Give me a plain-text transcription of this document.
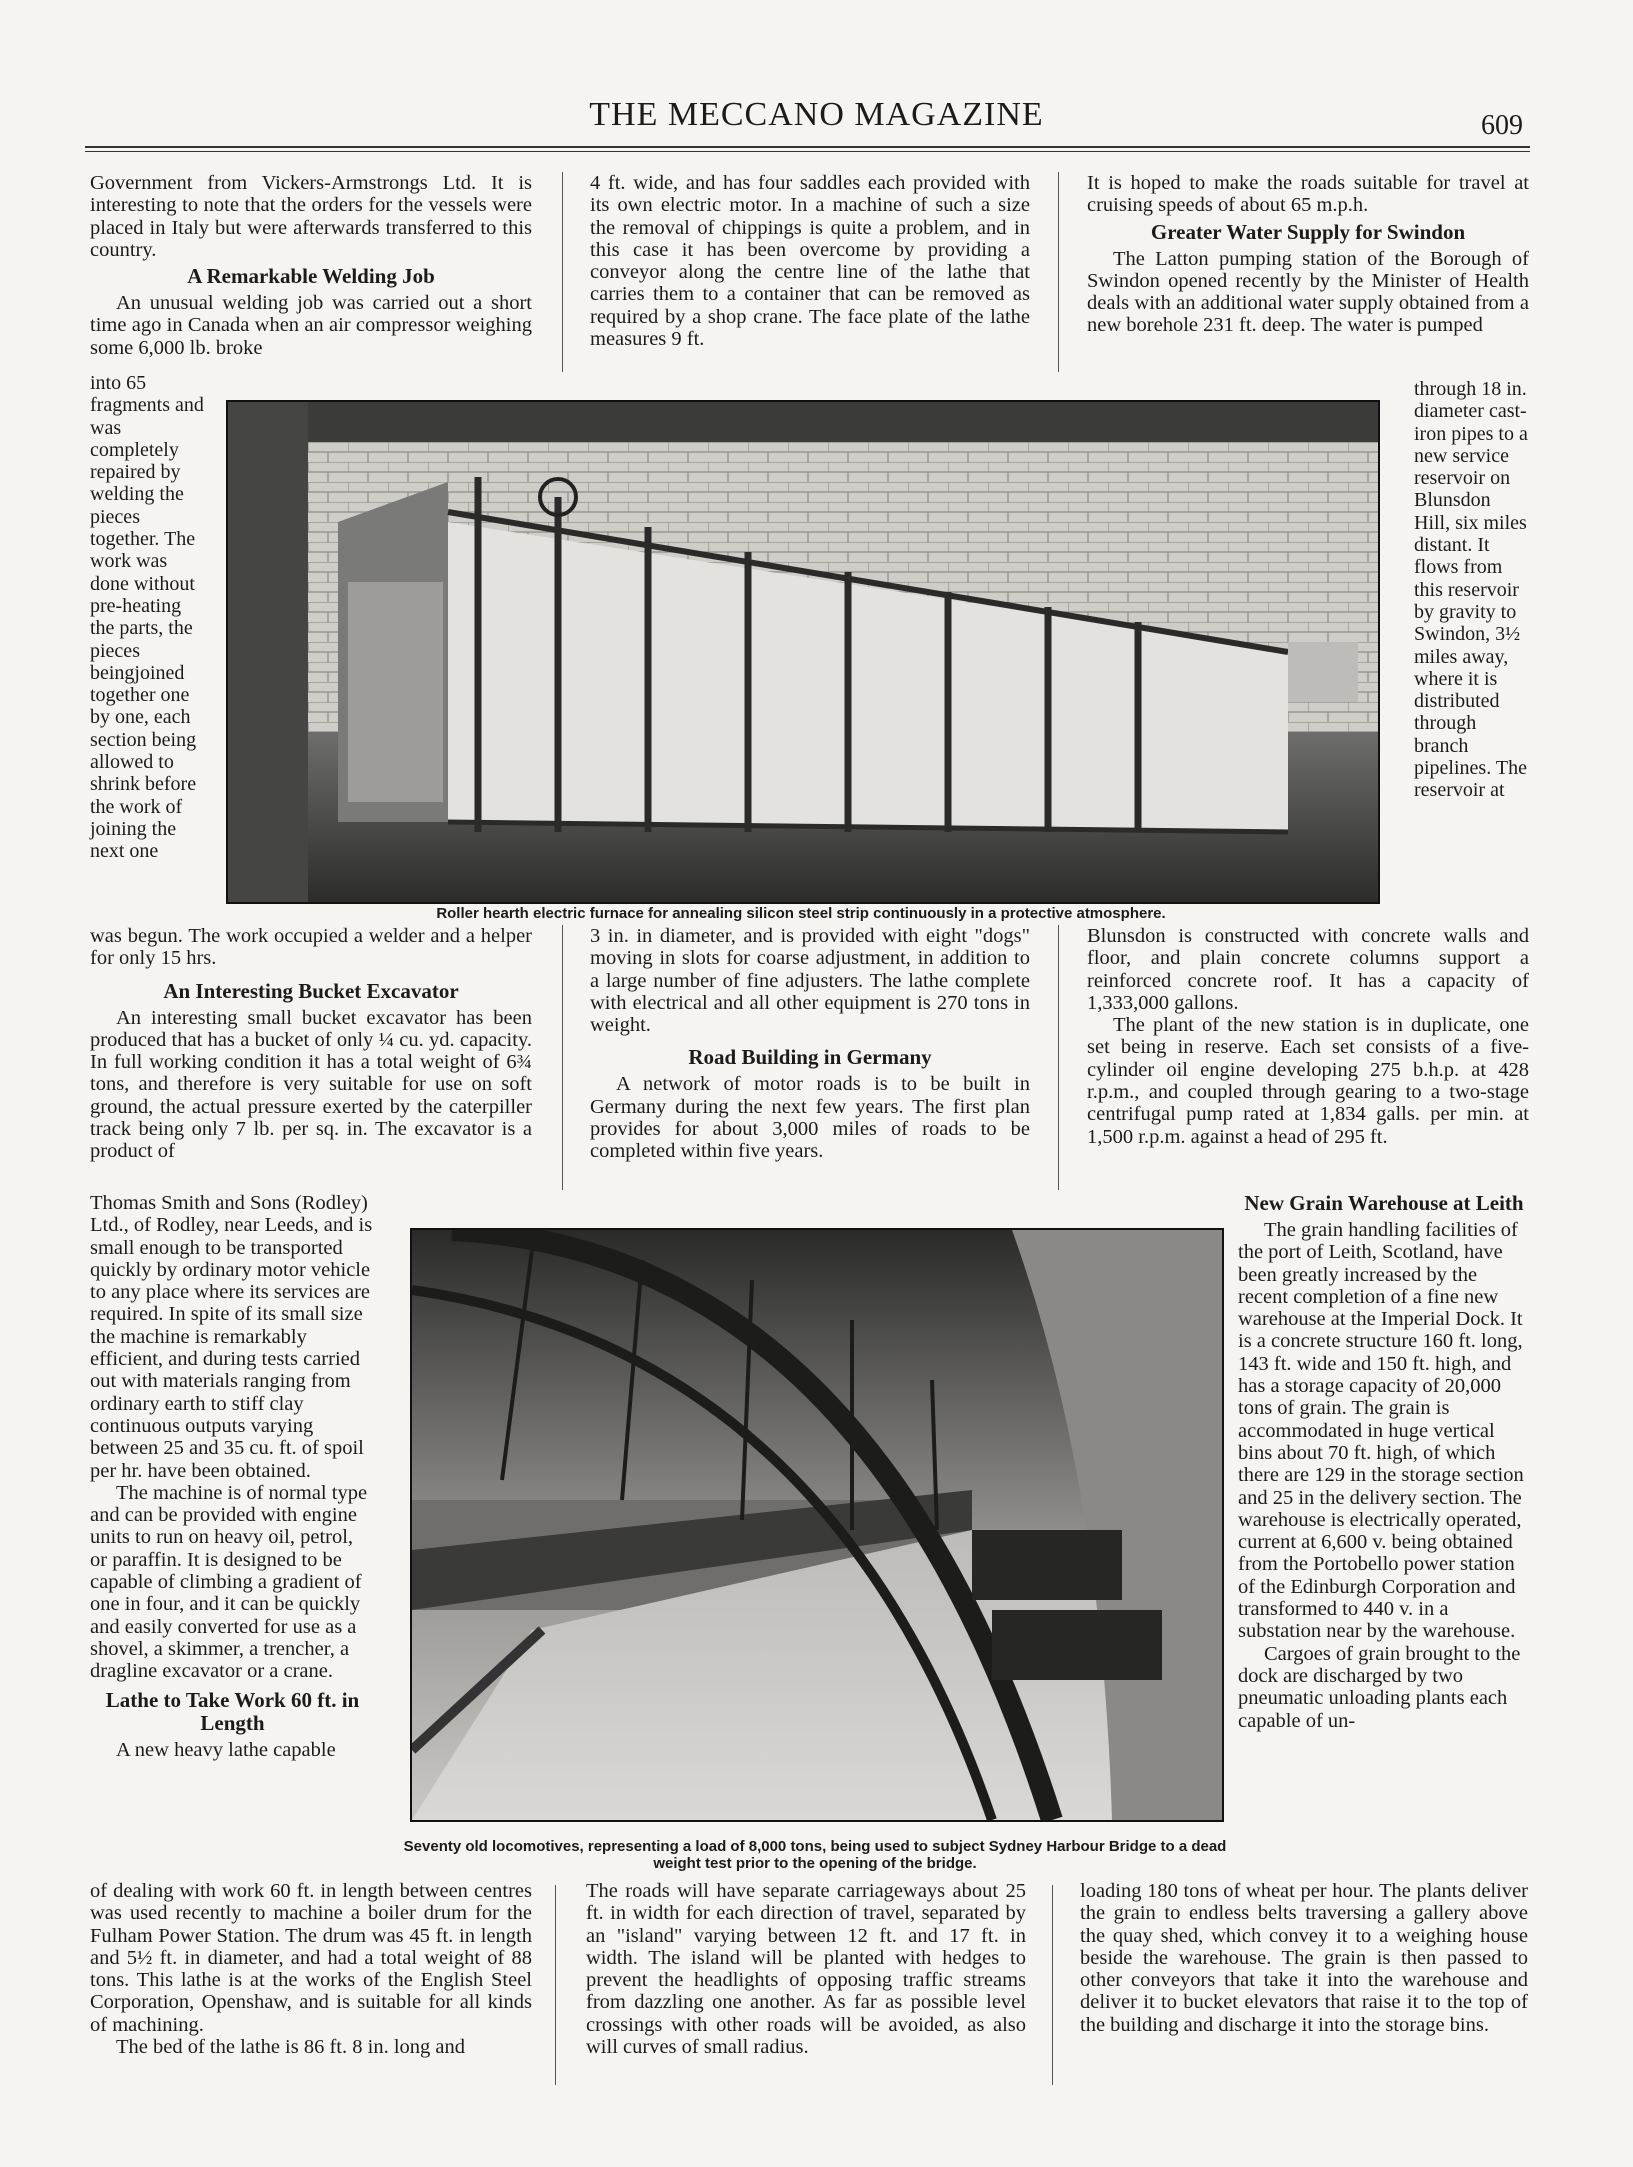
THE MECCANO MAGAZINE	609

Government from Vickers-Armstrongs Ltd. It is interesting to note that the orders for the vessels were placed in Italy but were afterwards transferred to this country.

A Remarkable Welding Job

An unusual welding job was carried out a short time ago in Canada when an air compressor weighing some 6,000 lb. broke

4 ft. wide, and has four saddles each provided with its own electric motor. In a machine of such a size the removal of chippings is quite a problem, and in this case it has been overcome by providing a conveyor along the centre line of the lathe that carries them to a container that can be removed as required by a shop crane. The face plate of the lathe measures 9 ft.

It is hoped to make the roads suitable for travel at cruising speeds of about 65 m.p.h.

Greater Water Supply for Swindon

The Latton pumping station of the Borough of Swindon opened recently by the Minister of Health deals with an additional water supply obtained from a new borehole 231 ft. deep. The water is pumped

into 65 fragments and was completely repaired by welding the pieces together. The work was done without pre-heating the parts, the pieces beingjoined together one by one, each section being allowed to shrink before the work of joining the next one

through 18 in. diameter cast-iron pipes to a new service reservoir on Blunsdon Hill, six miles distant. It flows from this reservoir by gravity to Swindon, 3½ miles away, where it is distributed through branch pipelines. The reservoir at

Roller hearth electric furnace for annealing silicon steel strip continuously in a protective atmosphere.

was begun. The work occupied a welder and a helper for only 15 hrs.

An Interesting Bucket Excavator

An interesting small bucket excavator has been produced that has a bucket of only ¼ cu. yd. capacity. In full working condition it has a total weight of 6¾ tons, and therefore is very suitable for use on soft ground, the actual pressure exerted by the caterpiller track being only 7 lb. per sq. in. The excavator is a product of

3 in. in diameter, and is provided with eight "dogs" moving in slots for coarse adjustment, in addition to a large number of fine adjusters. The lathe complete with electrical and all other equipment is 270 tons in weight.

Road Building in Germany

A network of motor roads is to be built in Germany during the next few years. The first plan provides for about 3,000 miles of roads to be completed within five years.

Blunsdon is constructed with concrete walls and floor, and plain concrete columns support a reinforced concrete roof. It has a capacity of 1,333,000 gallons.

The plant of the new station is in duplicate, one set being in reserve. Each set consists of a five-cylinder oil engine developing 275 b.h.p. at 428 r.p.m., and coupled through gearing to a two-stage centrifugal pump rated at 1,834 galls. per min. at 1,500 r.p.m. against a head of 295 ft.

Thomas Smith and Sons (Rodley) Ltd., of Rodley, near Leeds, and is small enough to be transported quickly by ordinary motor vehicle to any place where its services are required. In spite of its small size the machine is remarkably efficient, and during tests carried out with materials ranging from ordinary earth to stiff clay continuous outputs varying between 25 and 35 cu. ft. of spoil per hr. have been obtained.

The machine is of normal type and can be provided with engine units to run on heavy oil, petrol, or paraffin. It is designed to be capable of climbing a gradient of one in four, and it can be quickly and easily converted for use as a shovel, a skimmer, a trencher, a dragline excavator or a crane.

Lathe to Take Work 60 ft. in Length

A new heavy lathe capable

New Grain Warehouse at Leith

The grain handling facilities of the port of Leith, Scotland, have been greatly increased by the recent completion of a fine new warehouse at the Imperial Dock. It is a concrete structure 160 ft. long, 143 ft. wide and 150 ft. high, and has a storage capacity of 20,000 tons of grain. The grain is accommodated in huge vertical bins about 70 ft. high, of which there are 129 in the storage section and 25 in the delivery section. The warehouse is electrically operated, current at 6,600 v. being obtained from the Portobello power station of the Edinburgh Corporation and transformed to 440 v. in a substation near by the warehouse.

Cargoes of grain brought to the dock are discharged by two pneumatic unloading plants each capable of un-

Seventy old locomotives, representing a load of 8,000 tons, being used to subject Sydney Harbour Bridge to a dead weight test prior to the opening of the bridge.

of dealing with work 60 ft. in length between centres was used recently to machine a boiler drum for the Fulham Power Station. The drum was 45 ft. in length and 5½ ft. in diameter, and had a total weight of 88 tons. This lathe is at the works of the English Steel Corporation, Openshaw, and is suitable for all kinds of machining.

The bed of the lathe is 86 ft. 8 in. long and

The roads will have separate carriageways about 25 ft. in width for each direction of travel, separated by an "island" varying between 12 ft. and 17 ft. in width. The island will be planted with hedges to prevent the headlights of opposing traffic streams from dazzling one another. As far as possible level crossings with other roads will be avoided, as also will curves of small radius.

loading 180 tons of wheat per hour. The plants deliver the grain to endless belts traversing a gallery above the quay shed, which convey it to a weighing house beside the warehouse. The grain is then passed to other conveyors that take it into the warehouse and deliver it to bucket elevators that raise it to the top of the building and discharge it into the storage bins.
